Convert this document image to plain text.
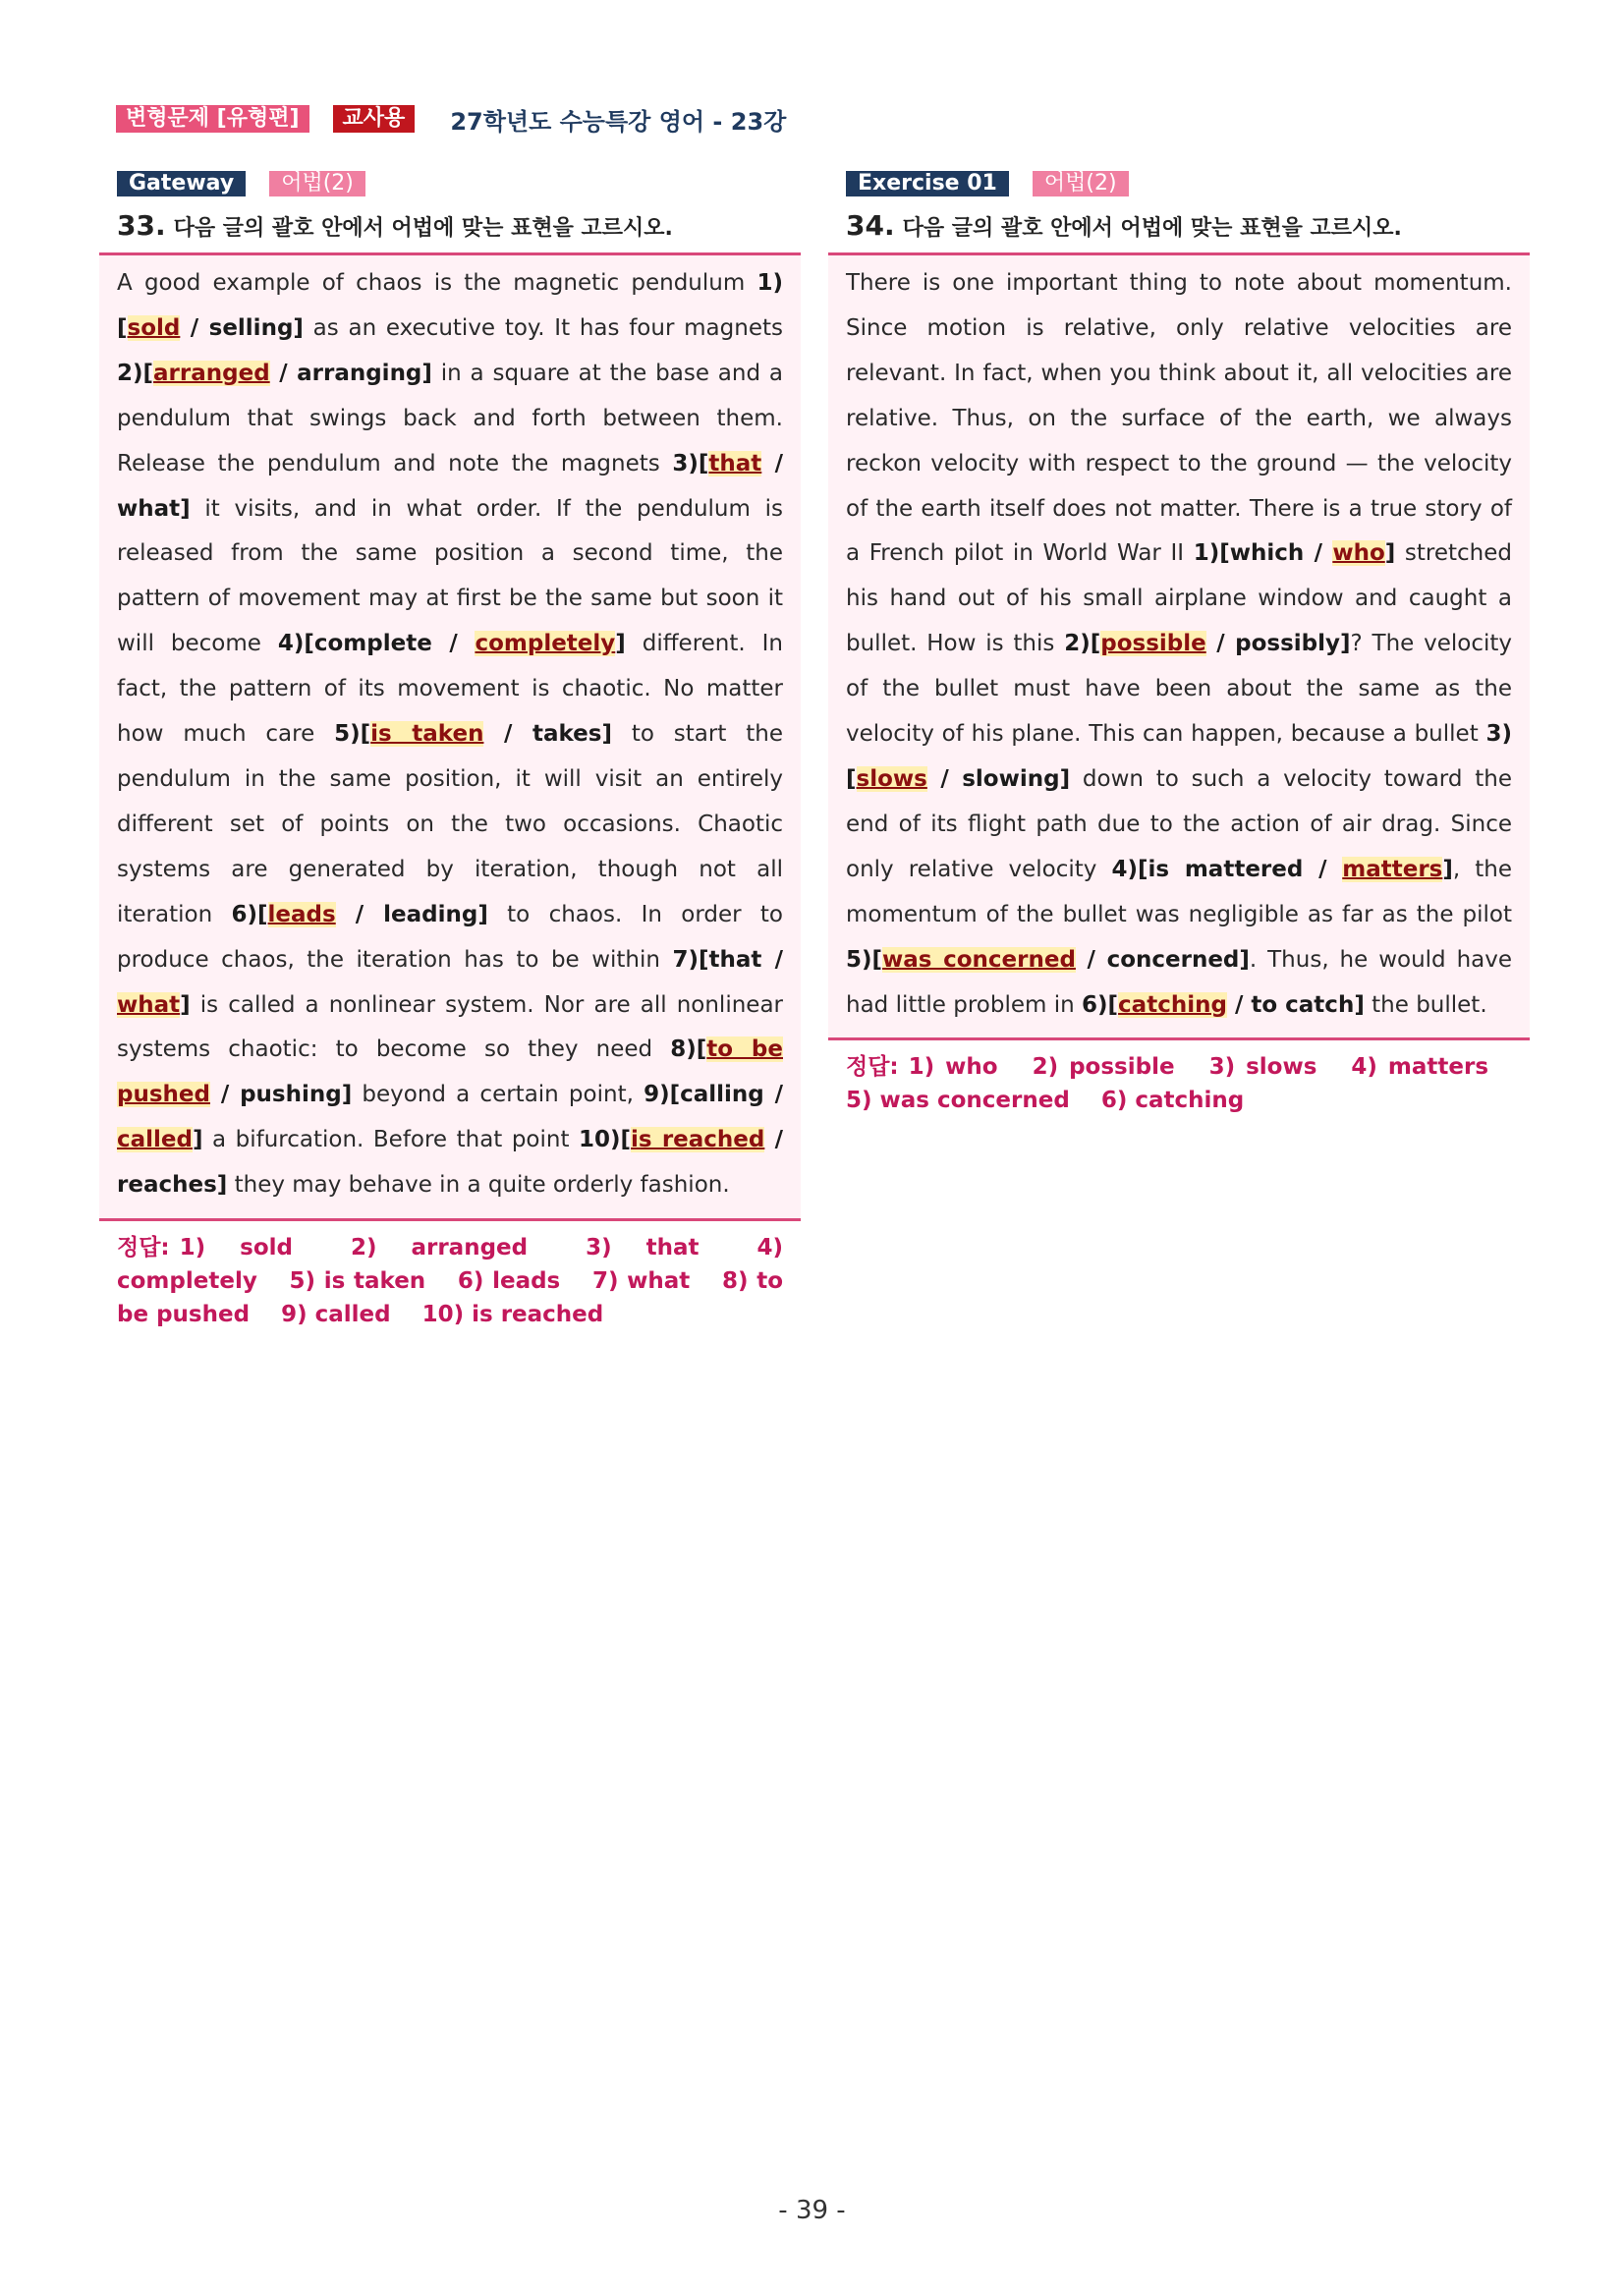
변형문제 [유형편]	교사용	27학년도 수능특강 영어 - 23강
Gateway	어법(2)
33. 다음 글의 괄호 안에서 어법에 맞는 표현을 고르시오.
A good example of chaos is the magnetic pendulum 1)[sold / selling] as an executive toy. It has four magnets 2)[arranged / arranging] in a square at the base and a pendulum that swings back and forth between them. Release the pendulum and note the magnets 3)[that / what] it visits, and in what order. If the pendulum is released from the same position a second time, the pattern of movement may at first be the same but soon it will become 4)[complete / completely] different. In fact, the pattern of its movement is chaotic. No matter how much care 5)[is taken / takes] to start the pendulum in the same position, it will visit an entirely different set of points on the two occasions. Chaotic systems are generated by iteration, though not all iteration 6)[leads / leading] to chaos. In order to produce chaos, the iteration has to be within 7)[that / what] is called a nonlinear system. Nor are all nonlinear systems chaotic: to become so they need 8)[to be pushed / pushing] beyond a certain point, 9)[calling / called] a bifurcation. Before that point 10)[is reached / reaches] they may behave in a quite orderly fashion.
정답: 1) sold	2) arranged	3) that	4) completely 5) is taken 6) leads 7) what 8) to be pushed 9) called 10) is reached
Exercise 01	어법(2)
34. 다음 글의 괄호 안에서 어법에 맞는 표현을 고르시오.
There is one important thing to note about momentum. Since motion is relative, only relative velocities are relevant. In fact, when you think about it, all velocities are relative. Thus, on the surface of the earth, we always reckon velocity with respect to the ground — the velocity of the earth itself does not matter. There is a true story of a French pilot in World War II 1)[which / who] stretched his hand out of his small airplane window and caught a bullet. How is this 2)[possible / possibly]? The velocity of the bullet must have been about the same as the velocity of his plane. This can happen, because a bullet 3)[slows / slowing] down to such a velocity toward the end of its flight path due to the action of air drag. Since only relative velocity 4)[is mattered / matters], the momentum of the bullet was negligible as far as the pilot 5)[was concerned / concerned]. Thus, he would have had little problem in 6)[catching / to catch] the bullet.
정답: 1) who 2) possible 3) slows 4) matters 5) was concerned 6) catching
- 39 -
